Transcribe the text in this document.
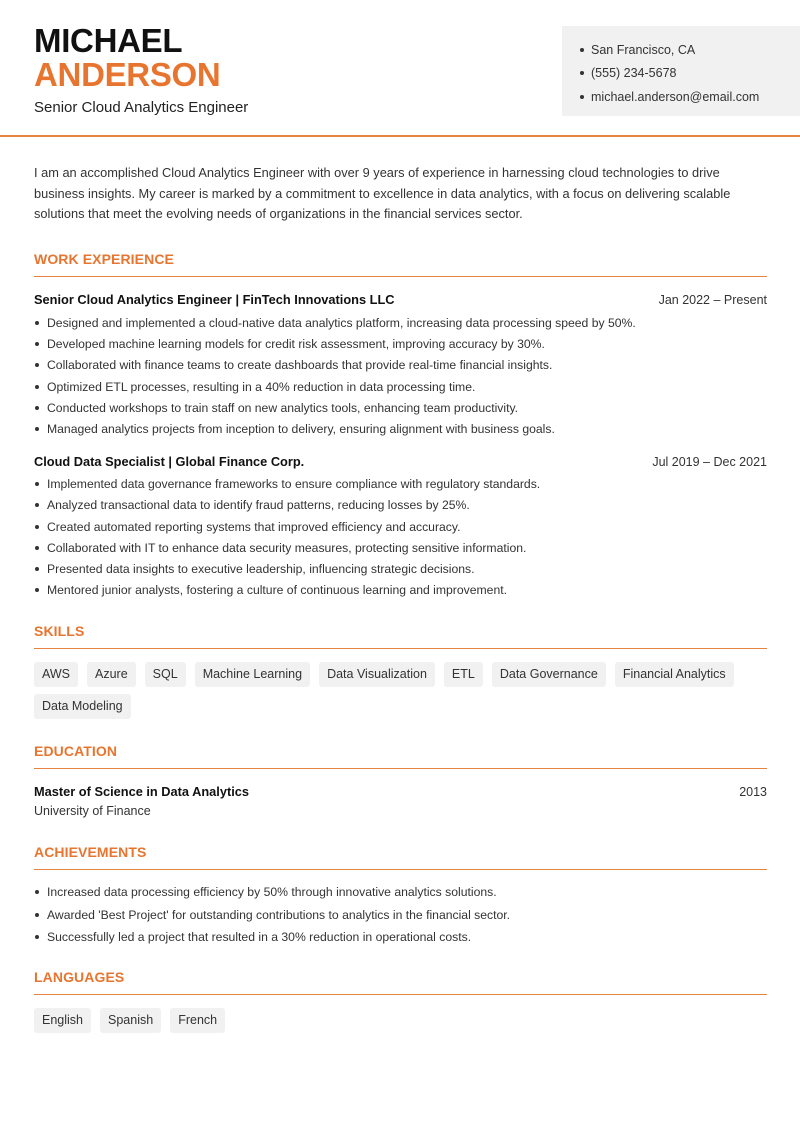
MICHAEL
ANDERSON
Senior Cloud Analytics Engineer
San Francisco, CA
(555) 234-5678
michael.anderson@email.com

I am an accomplished Cloud Analytics Engineer with over 9 years of experience in harnessing cloud technologies to drive business insights. My career is marked by a commitment to excellence in data analytics, with a focus on delivering scalable solutions that meet the evolving needs of organizations in the financial services sector.

WORK EXPERIENCE
Senior Cloud Analytics Engineer | FinTech Innovations LLC	Jan 2022 – Present
Designed and implemented a cloud-native data analytics platform, increasing data processing speed by 50%.
Developed machine learning models for credit risk assessment, improving accuracy by 30%.
Collaborated with finance teams to create dashboards that provide real-time financial insights.
Optimized ETL processes, resulting in a 40% reduction in data processing time.
Conducted workshops to train staff on new analytics tools, enhancing team productivity.
Managed analytics projects from inception to delivery, ensuring alignment with business goals.
Cloud Data Specialist | Global Finance Corp.	Jul 2019 – Dec 2021
Implemented data governance frameworks to ensure compliance with regulatory standards.
Analyzed transactional data to identify fraud patterns, reducing losses by 25%.
Created automated reporting systems that improved efficiency and accuracy.
Collaborated with IT to enhance data security measures, protecting sensitive information.
Presented data insights to executive leadership, influencing strategic decisions.
Mentored junior analysts, fostering a culture of continuous learning and improvement.
SKILLS
AWS	Azure	SQL	Machine Learning	Data Visualization	ETL	Data Governance	Financial Analytics
Data Modeling
EDUCATION
Master of Science in Data Analytics	2013
University of Finance
ACHIEVEMENTS
Increased data processing efficiency by 50% through innovative analytics solutions.
Awarded 'Best Project' for outstanding contributions to analytics in the financial sector.
Successfully led a project that resulted in a 30% reduction in operational costs.
LANGUAGES
English	Spanish	French
